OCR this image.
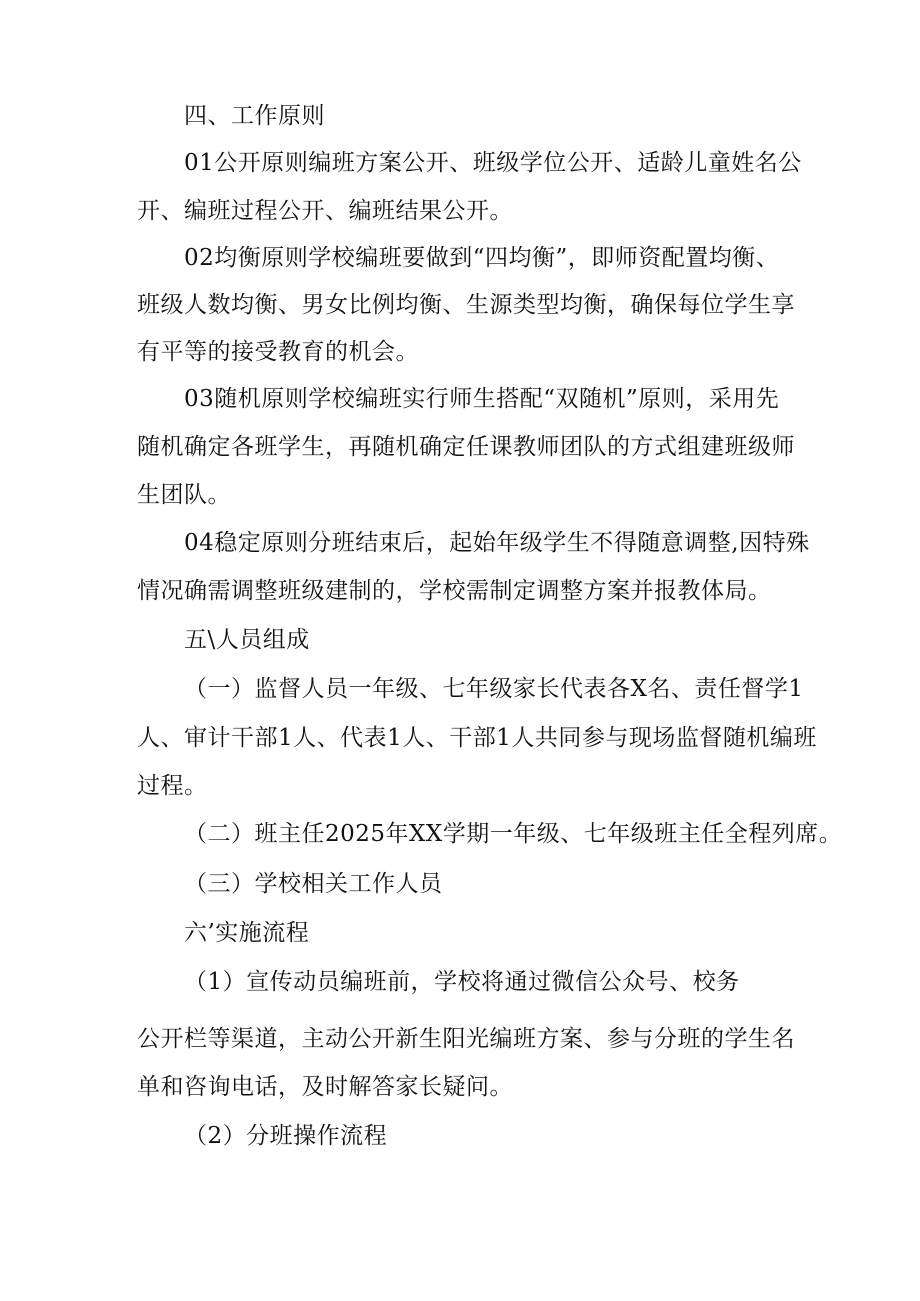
四、工作原则
01公开原则编班方案公开、班级学位公开、适龄儿童姓名公
开、编班过程公开、编班结果公开。
02均衡原则学校编班要做到“四均衡”，即师资配置均衡、
班级人数均衡、男女比例均衡、生源类型均衡，确保每位学生享
有平等的接受教育的机会。
03随机原则学校编班实行师生搭配“双随机”原则，采用先
随机确定各班学生，再随机确定任课教师团队的方式组建班级师
生团队。
04稳定原则分班结束后，起始年级学生不得随意调整,因特殊
情况确需调整班级建制的，学校需制定调整方案并报教体局。
五\人员组成
（一）监督人员一年级、七年级家长代表各X名、责任督学1
人、审计干部1人、代表1人、干部1人共同参与现场监督随机编班
过程。
（二）班主任2025年XX学期一年级、七年级班主任全程列席。
（三）学校相关工作人员
六’实施流程
（1）宣传动员编班前，学校将通过微信公众号、校务
公开栏等渠道，主动公开新生阳光编班方案、参与分班的学生名
单和咨询电话，及时解答家长疑问。
（2）分班操作流程
